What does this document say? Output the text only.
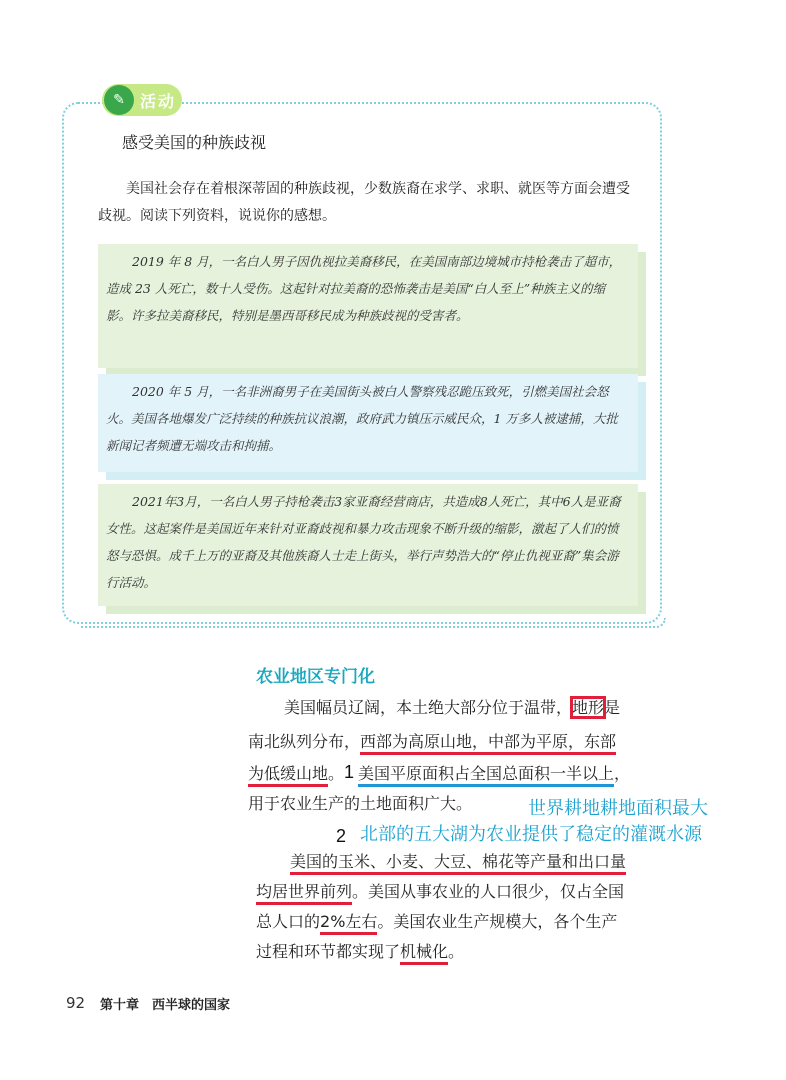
✎ 活动
感受美国的种族歧视
美国社会存在着根深蒂固的种族歧视，少数族裔在求学、求职、就医等方面会遭受歧视。阅读下列资料，说说你的感想。
2019 年 8 月，一名白人男子因仇视拉美裔移民，在美国南部边境城市持枪袭击了超市，造成 23 人死亡，数十人受伤。这起针对拉美裔的恐怖袭击是美国“白人至上”种族主义的缩影。许多拉美裔移民，特别是墨西哥移民成为种族歧视的受害者。
2020 年 5 月，一名非洲裔男子在美国街头被白人警察残忍跪压致死，引燃美国社会怒火。美国各地爆发广泛持续的种族抗议浪潮，政府武力镇压示威民众，1 万多人被逮捕，大批新闻记者频遭无端攻击和拘捕。
2021年3月，一名白人男子持枪袭击3家亚裔经营商店，共造成8人死亡，其中6人是亚裔女性。这起案件是美国近年来针对亚裔歧视和暴力攻击现象不断升级的缩影，激起了人们的愤怒与恐惧。成千上万的亚裔及其他族裔人士走上街头，举行声势浩大的“停止仇视亚裔”集会游行活动。
农业地区专门化
美国幅员辽阔，本土绝大部分位于温带，地形是
南北纵列分布，西部为高原山地，中部为平原，东部
为低缓山地。 美国平原面积占全国总面积一半以上，
用于农业生产的土地面积广大。
美国的玉米、小麦、大豆、棉花等产量和出口量
均居世界前列。美国从事农业的人口很少，仅占全国
总人口的2%左右。美国农业生产规模大，各个生产
过程和环节都实现了机械化。
1
2
世界耕地耕地面积最大
北部的五大湖为农业提供了稳定的灌溉水源
92 第十章　西半球的国家
